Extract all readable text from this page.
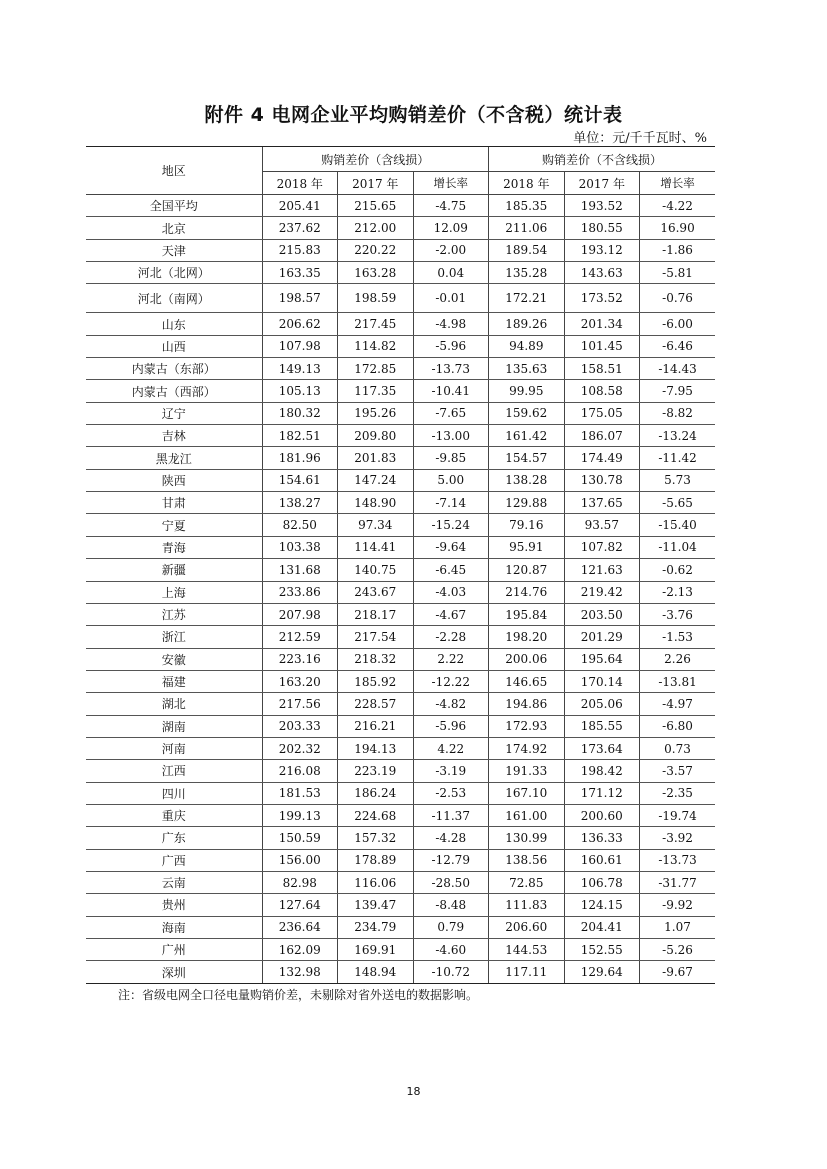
附件 4 电网企业平均购销差价（不含税）统计表
单位：元/千千瓦时、%
地区	购销差价（含线损）			购销差价（不含线损）		
	2018 年	2017 年	增长率	2018 年	2017 年	增长率
全国平均	205.41	215.65	-4.75	185.35	193.52	-4.22
北京	237.62	212.00	12.09	211.06	180.55	16.90
天津	215.83	220.22	-2.00	189.54	193.12	-1.86
河北（北网）	163.35	163.28	0.04	135.28	143.63	-5.81
河北（南网）	198.57	198.59	-0.01	172.21	173.52	-0.76
山东	206.62	217.45	-4.98	189.26	201.34	-6.00
山西	107.98	114.82	-5.96	94.89	101.45	-6.46
内蒙古（东部）	149.13	172.85	-13.73	135.63	158.51	-14.43
内蒙古（西部）	105.13	117.35	-10.41	99.95	108.58	-7.95
辽宁	180.32	195.26	-7.65	159.62	175.05	-8.82
吉林	182.51	209.80	-13.00	161.42	186.07	-13.24
黑龙江	181.96	201.83	-9.85	154.57	174.49	-11.42
陕西	154.61	147.24	5.00	138.28	130.78	5.73
甘肃	138.27	148.90	-7.14	129.88	137.65	-5.65
宁夏	82.50	97.34	-15.24	79.16	93.57	-15.40
青海	103.38	114.41	-9.64	95.91	107.82	-11.04
新疆	131.68	140.75	-6.45	120.87	121.63	-0.62
上海	233.86	243.67	-4.03	214.76	219.42	-2.13
江苏	207.98	218.17	-4.67	195.84	203.50	-3.76
浙江	212.59	217.54	-2.28	198.20	201.29	-1.53
安徽	223.16	218.32	2.22	200.06	195.64	2.26
福建	163.20	185.92	-12.22	146.65	170.14	-13.81
湖北	217.56	228.57	-4.82	194.86	205.06	-4.97
湖南	203.33	216.21	-5.96	172.93	185.55	-6.80
河南	202.32	194.13	4.22	174.92	173.64	0.73
江西	216.08	223.19	-3.19	191.33	198.42	-3.57
四川	181.53	186.24	-2.53	167.10	171.12	-2.35
重庆	199.13	224.68	-11.37	161.00	200.60	-19.74
广东	150.59	157.32	-4.28	130.99	136.33	-3.92
广西	156.00	178.89	-12.79	138.56	160.61	-13.73
云南	82.98	116.06	-28.50	72.85	106.78	-31.77
贵州	127.64	139.47	-8.48	111.83	124.15	-9.92
海南	236.64	234.79	0.79	206.60	204.41	1.07
广州	162.09	169.91	-4.60	144.53	152.55	-5.26
深圳	132.98	148.94	-10.72	117.11	129.64	-9.67
注：省级电网全口径电量购销价差，未剔除对省外送电的数据影响。
18
